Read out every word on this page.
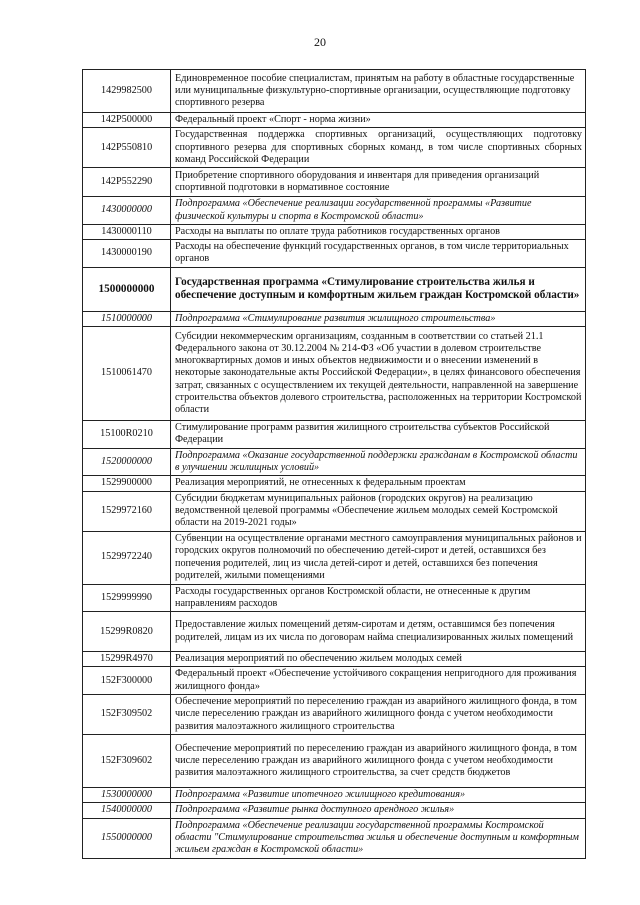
20
1429982500	Единовременное пособие специалистам, принятым на работу в областные государственные или муниципальные физкультурно-спортивные организации, осуществляющие подготовку спортивного резерва
142P500000	Федеральный проект «Спорт - норма жизни»
142P550810	Государственная поддержка спортивных организаций, осуществляющих подготовку спортивного резерва для спортивных сборных команд, в том числе спортивных сборных команд Российской Федерации
142P552290	Приобретение спортивного оборудования и инвентаря для приведения организаций спортивной подготовки в нормативное состояние
1430000000	Подпрограмма «Обеспечение реализации государственной программы «Развитие физической культуры и спорта в Костромской области»
1430000110	Расходы на выплаты по оплате труда работников государственных органов
1430000190	Расходы на обеспечение функций государственных органов, в том числе территориальных органов
1500000000	Государственная программа «Стимулирование строительства жилья и обеспечение доступным и комфортным жильем граждан Костромской области»
1510000000	Подпрограмма «Стимулирование развития жилищного строительства»
1510061470	Субсидии некоммерческим организациям, созданным в соответствии со статьей 21.1 Федерального закона от 30.12.2004 № 214-ФЗ «Об участии в долевом строительстве многоквартирных домов и иных объектов недвижимости и о внесении изменений в некоторые законодательные акты Российской Федерации», в целях финансового обеспечения затрат, связанных с осуществлением их текущей деятельности, направленной на завершение строительства объектов долевого строительства, расположенных на территории Костромской области
15100R0210	Стимулирование программ развития жилищного строительства субъектов Российской Федерации
1520000000	Подпрограмма «Оказание государственной поддержки гражданам в Костромской области в улучшении жилищных условий»
1529900000	Реализация мероприятий, не отнесенных к федеральным проектам
1529972160	Субсидии бюджетам муниципальных районов (городских округов) на реализацию ведомственной целевой программы «Обеспечение жильем молодых семей Костромской области на 2019-2021 годы»
1529972240	Субвенции на осуществление органами местного самоуправления муниципальных районов и городских округов полномочий по обеспечению детей-сирот и детей, оставшихся без попечения родителей, лиц из числа детей-сирот и детей, оставшихся без попечения родителей, жилыми помещениями
1529999990	Расходы государственных органов Костромской области, не отнесенные к другим направлениям расходов
15299R0820	Предоставление жилых помещений детям-сиротам и детям, оставшимся без попечения родителей, лицам из их числа по договорам найма специализированных жилых помещений
15299R4970	Реализация мероприятий по обеспечению жильем молодых семей
152F300000	Федеральный проект «Обеспечение устойчивого сокращения непригодного для проживания жилищного фонда»
152F309502	Обеспечение мероприятий по переселению граждан из аварийного жилищного фонда, в том числе переселению граждан из аварийного жилищного фонда с учетом необходимости развития малоэтажного жилищного строительства
152F309602	Обеспечение мероприятий по переселению граждан из аварийного жилищного фонда, в том числе переселению граждан из аварийного жилищного фонда с учетом необходимости развития малоэтажного жилищного строительства, за счет средств бюджетов
1530000000	Подпрограмма «Развитие ипотечного жилищного кредитования»
1540000000	Подпрограмма «Развитие рынка доступного арендного жилья»
1550000000	Подпрограмма «Обеспечение реализации государственной программы Костромской области "Стимулирование строительства жилья и обеспечение доступным и комфортным жильем граждан в Костромской области»
